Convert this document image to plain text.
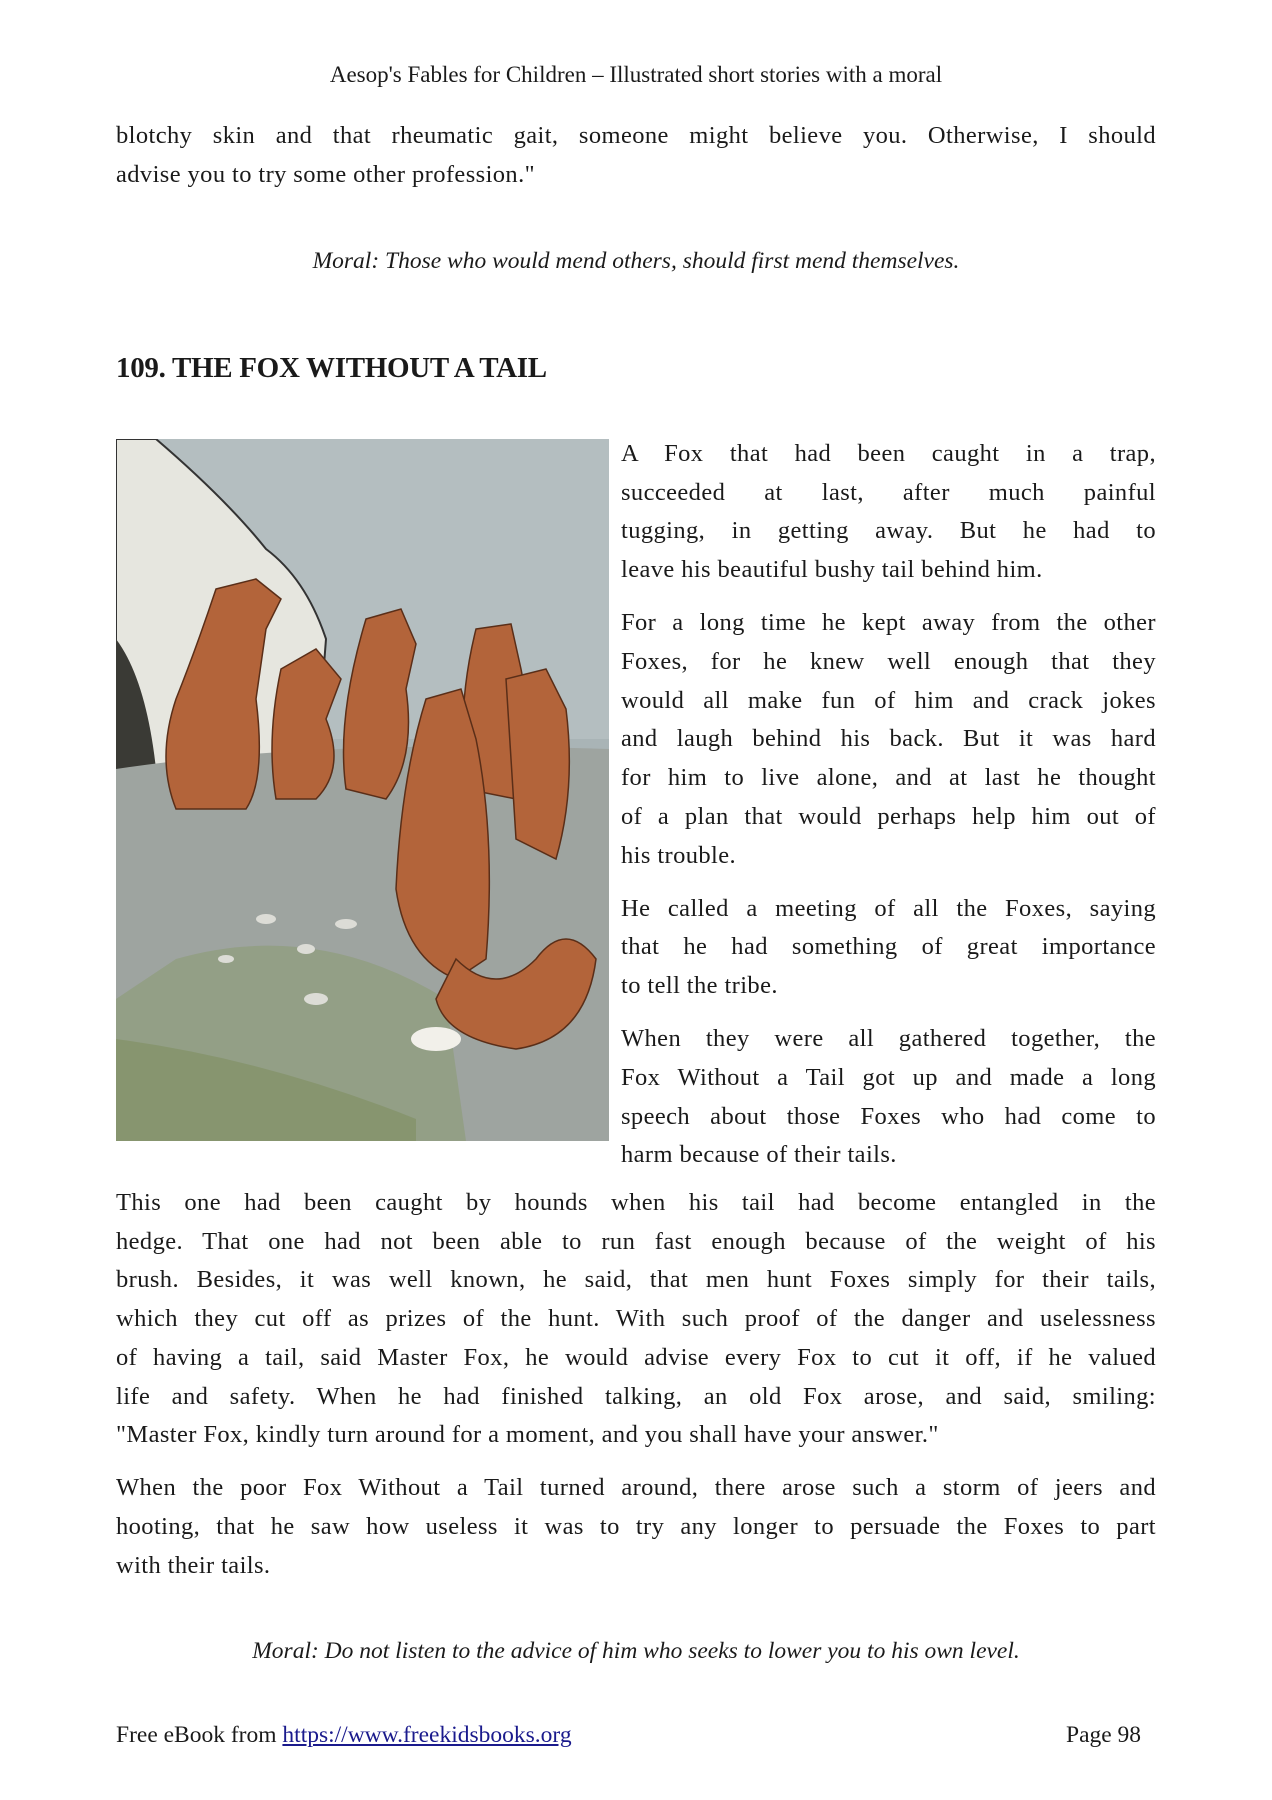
Aesop's Fables for Children – Illustrated short stories with a moral
blotchy skin and that rheumatic gait, someone might believe you. Otherwise, I should
advise you to try some other profession."
Moral: Those who would mend others, should first mend themselves.
109. THE FOX WITHOUT A TAIL
A Fox that had been caught in a trap,
succeeded at last, after much painful
tugging, in getting away. But he had to
leave his beautiful bushy tail behind him.
For a long time he kept away from the other
Foxes, for he knew well enough that they
would all make fun of him and crack jokes
and laugh behind his back. But it was hard
for him to live alone, and at last he thought
of a plan that would perhaps help him out of
his trouble.
He called a meeting of all the Foxes, saying
that he had something of great importance
to tell the tribe.
When they were all gathered together, the
Fox Without a Tail got up and made a long
speech about those Foxes who had come to
harm because of their tails.
This one had been caught by hounds when his tail had become entangled in the
hedge. That one had not been able to run fast enough because of the weight of his
brush. Besides, it was well known, he said, that men hunt Foxes simply for their tails,
which they cut off as prizes of the hunt. With such proof of the danger and uselessness
of having a tail, said Master Fox, he would advise every Fox to cut it off, if he valued
life and safety. When he had finished talking, an old Fox arose, and said, smiling:
"Master Fox, kindly turn around for a moment, and you shall have your answer."
When the poor Fox Without a Tail turned around, there arose such a storm of jeers and
hooting, that he saw how useless it was to try any longer to persuade the Foxes to part
with their tails.
Moral: Do not listen to the advice of him who seeks to lower you to his own level.
Free eBook from https://www.freekidsbooks.org	Page 98
